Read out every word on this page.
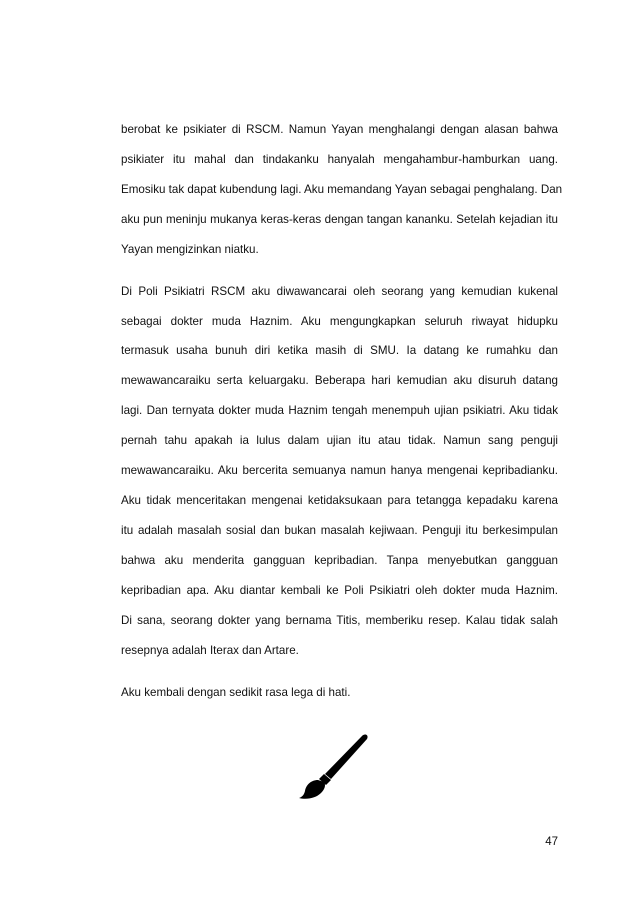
berobat ke psikiater di RSCM. Namun Yayan menghalangi dengan alasan bahwa
psikiater itu mahal dan tindakanku hanyalah mengahambur-hamburkan uang.
Emosiku tak dapat kubendung lagi. Aku memandang Yayan sebagai penghalang. Dan
aku pun meninju mukanya keras-keras dengan tangan kananku. Setelah kejadian itu
Yayan mengizinkan niatku.
Di Poli Psikiatri RSCM aku diwawancarai oleh seorang yang kemudian kukenal
sebagai dokter muda Haznim. Aku mengungkapkan seluruh riwayat hidupku
termasuk usaha bunuh diri ketika masih di SMU. Ia datang ke rumahku dan
mewawancaraiku serta keluargaku. Beberapa hari kemudian aku disuruh datang
lagi. Dan ternyata dokter muda Haznim tengah menempuh ujian psikiatri. Aku tidak
pernah tahu apakah ia lulus dalam ujian itu atau tidak. Namun sang penguji
mewawancaraiku. Aku bercerita semuanya namun hanya mengenai kepribadianku.
Aku tidak menceritakan mengenai ketidaksukaan para tetangga kepadaku karena
itu adalah masalah sosial dan bukan masalah kejiwaan. Penguji itu berkesimpulan
bahwa aku menderita gangguan kepribadian. Tanpa menyebutkan gangguan
kepribadian apa. Aku diantar kembali ke Poli Psikiatri oleh dokter muda Haznim.
Di sana, seorang dokter yang bernama Titis, memberiku resep. Kalau tidak salah
resepnya adalah Iterax dan Artare.
Aku kembali dengan sedikit rasa lega di hati.
47
